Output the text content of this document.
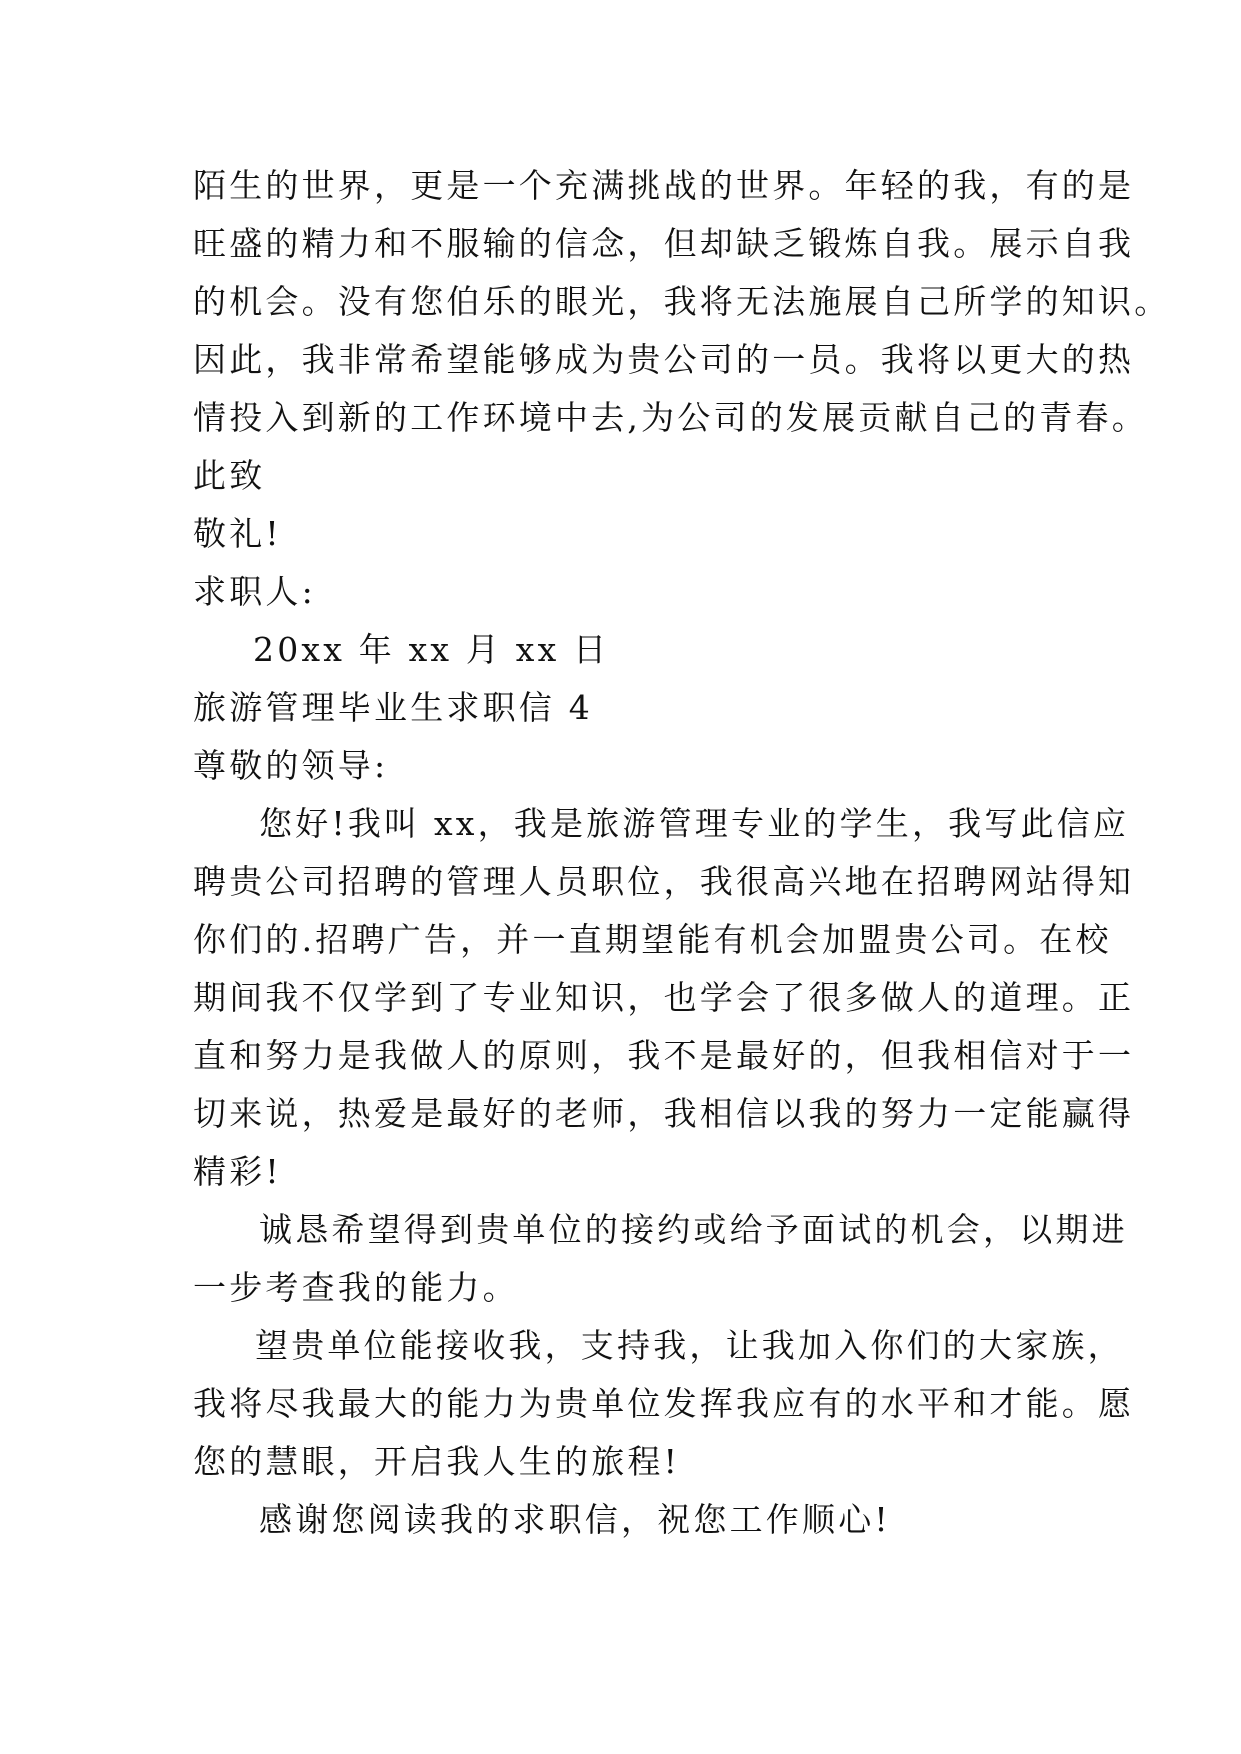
陌生的世界，更是一个充满挑战的世界。年轻的我，有的是
旺盛的精力和不服输的信念，但却缺乏锻炼自我。展示自我
的机会。没有您伯乐的眼光，我将无法施展自己所学的知识。
因此，我非常希望能够成为贵公司的一员。我将以更大的热
情投入到新的工作环境中去,为公司的发展贡献自己的青春。
此致
敬礼!
求职人:
20xx 年 xx 月 xx 日
旅游管理毕业生求职信 4
尊敬的领导:
您好!我叫 xx，我是旅游管理专业的学生，我写此信应
聘贵公司招聘的管理人员职位，我很高兴地在招聘网站得知
你们的.招聘广告，并一直期望能有机会加盟贵公司。在校
期间我不仅学到了专业知识，也学会了很多做人的道理。正
直和努力是我做人的原则，我不是最好的，但我相信对于一
切来说，热爱是最好的老师，我相信以我的努力一定能赢得
精彩!
诚恳希望得到贵单位的接约或给予面试的机会，以期进
一步考查我的能力。
望贵单位能接收我，支持我，让我加入你们的大家族，
我将尽我最大的能力为贵单位发挥我应有的水平和才能。愿
您的慧眼，开启我人生的旅程!
感谢您阅读我的求职信，祝您工作顺心!
